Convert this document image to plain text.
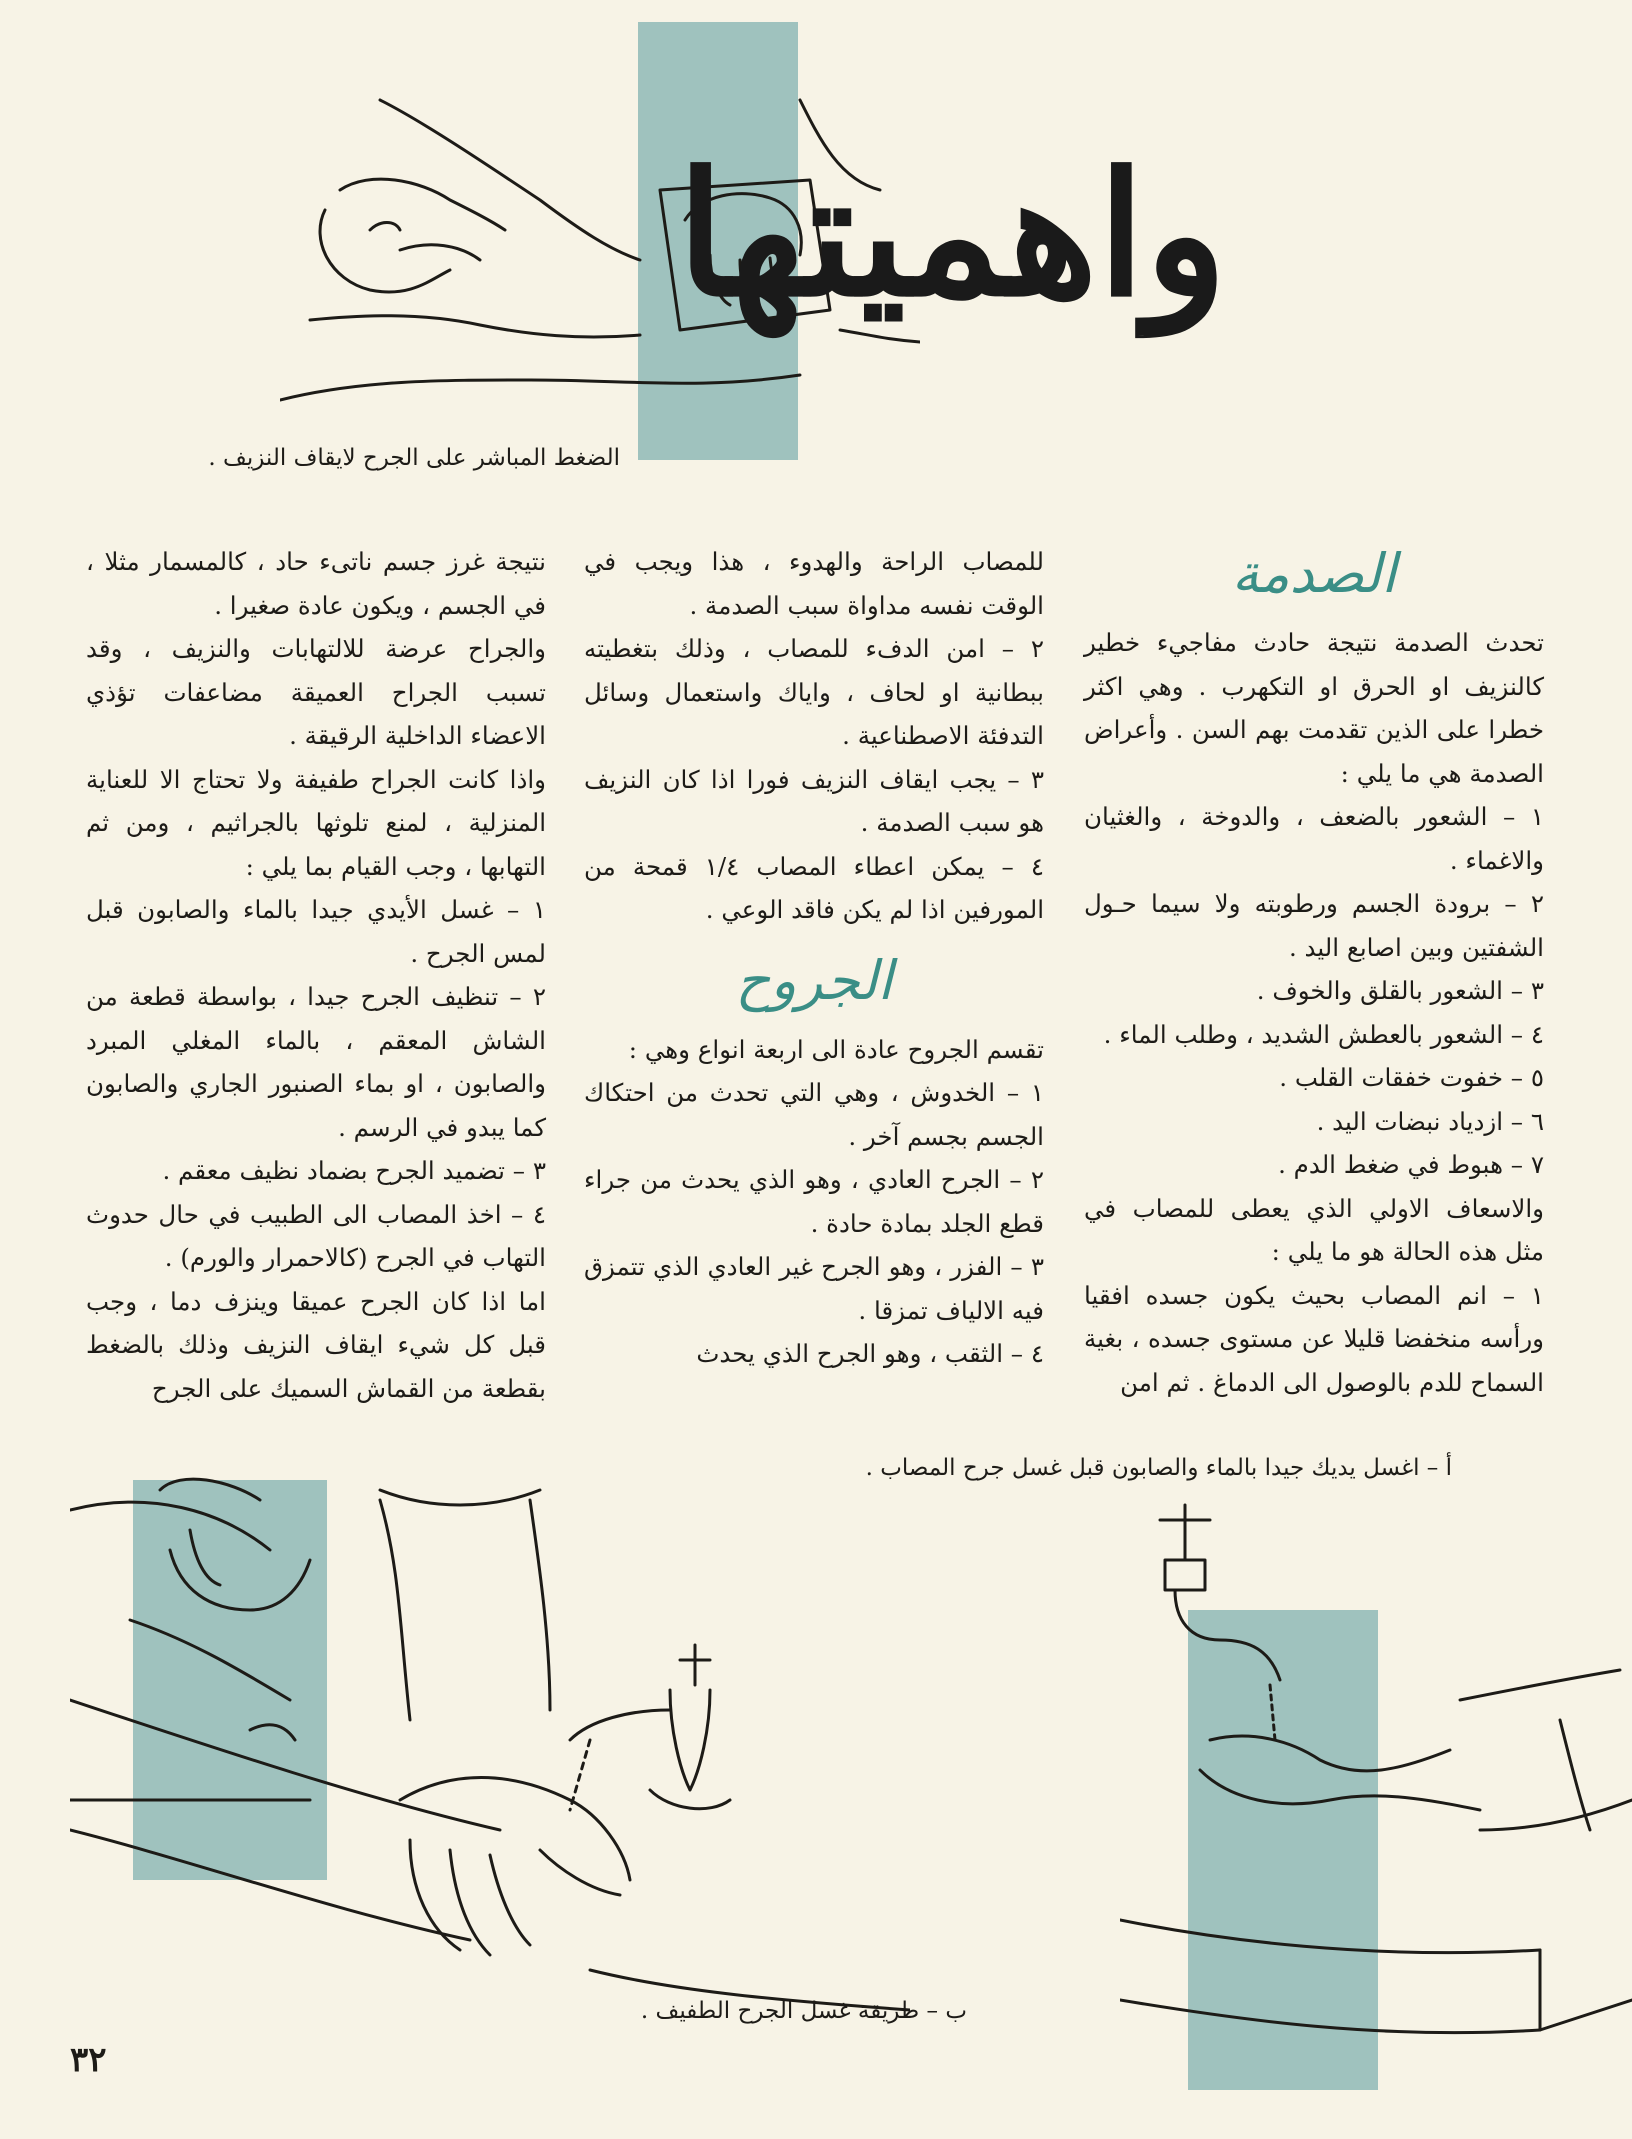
واهميتها
الضغط المباشر على الجرح لايقاف النزيف .
الصدمة

تحدث الصدمة نتيجة حادث مفاجيء خطير كالنزيف او الحرق او التكهرب . وهي اكثر خطرا على الذين تقدمت بهم السن . وأعراض الصدمة هي ما يلي :

١ – الشعور بالضعف ، والدوخة ، والغثيان والاغماء .

٢ – برودة الجسم ورطوبته ولا سيما حـول الشفتين وبين اصابع اليد .

٣ – الشعور بالقلق والخوف .

٤ – الشعور بالعطش الشديد ، وطلب الماء .

٥ – خفوت خفقات القلب .

٦ – ازدياد نبضات اليد .

٧ – هبوط في ضغط الدم .

والاسعاف الاولي الذي يعطى للمصاب في مثل هذه الحالة هو ما يلي :

١ – انم المصاب بحيث يكون جسده افقيا ورأسه منخفضا قليلا عن مستوى جسده ، بغية السماح للدم بالوصول الى الدماغ . ثم امن

للمصاب الراحة والهدوء ، هذا ويجب في الوقت نفسه مداواة سبب الصدمة .

٢ – امن الدفء للمصاب ، وذلك بتغطيته ببطانية او لحاف ، واياك واستعمال وسائل التدفئة الاصطناعية .

٣ – يجب ايقاف النزيف فورا اذا كان النزيف هو سبب الصدمة .

٤ – يمكن اعطاء المصاب ١/٤ قمحة من المورفين اذا لم يكن فاقد الوعي .

الجروح

تقسم الجروح عادة الى اربعة انواع وهي :

١ – الخدوش ، وهي التي تحدث من احتكاك الجسم بجسم آخر .

٢ – الجرح العادي ، وهو الذي يحدث من جراء قطع الجلد بمادة حادة .

٣ – الفزر ، وهو الجرح غير العادي الذي تتمزق فيه الالياف تمزقا .

٤ – الثقب ، وهو الجرح الذي يحدث

نتيجة غرز جسم ناتىء حاد ، كالمسمار مثلا ، في الجسم ، ويكون عادة صغيرا .

والجراح عرضة للالتهابات والنزيف ، وقد تسبب الجراح العميقة مضاعفات تؤذي الاعضاء الداخلية الرقيقة .

واذا كانت الجراح طفيفة ولا تحتاج الا للعناية المنزلية ، لمنع تلوثها بالجراثيم ، ومن ثم التهابها ، وجب القيام بما يلي :

١ – غسل الأيدي جيدا بالماء والصابون قبل لمس الجرح .

٢ – تنظيف الجرح جيدا ، بواسطة قطعة من الشاش المعقم ، بالماء المغلي المبرد والصابون ، او بماء الصنبور الجاري والصابون كما يبدو في الرسم .

٣ – تضميد الجرح بضماد نظيف معقم .

٤ – اخذ المصاب الى الطبيب في حال حدوث التهاب في الجرح (كالاحمرار والورم) .

اما اذا كان الجرح عميقا وينزف دما ، وجب قبل كل شيء ايقاف النزيف وذلك بالضغط بقطعة من القماش السميك على الجرح

أ – اغسل يديك جيدا بالماء والصابون قبل غسل جرح المصاب .
ب – طريقة غسل الجرح الطفيف .
٣٢
